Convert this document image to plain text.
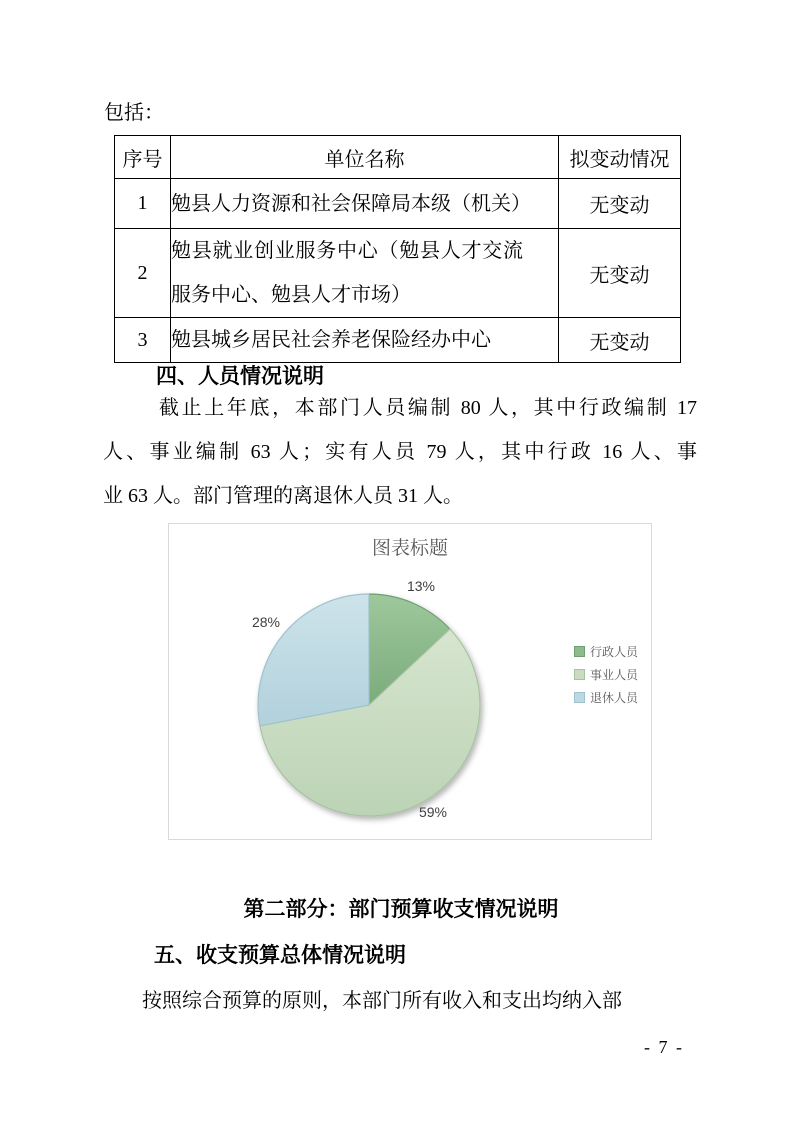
包括：
序号	单位名称	拟变动情况
1	勉县人力资源和社会保障局本级（机关）	无变动
2	勉县就业创业服务中心（勉县人才交流服务中心、勉县人才市场）	无变动
3	勉县城乡居民社会养老保险经办中心	无变动
四、人员情况说明
截止上年底，本部门人员编制 80 人，其中行政编制 17
人、事业编制 63 人；实有人员 79 人，其中行政 16 人、事
业 63 人。部门管理的离退休人员 31 人。
图表标题
13%
59%
28%
行政人员
事业人员
退休人员
第二部分：部门预算收支情况说明
五、收支预算总体情况说明
按照综合预算的原则，本部门所有收入和支出均纳入部
- 7 -
